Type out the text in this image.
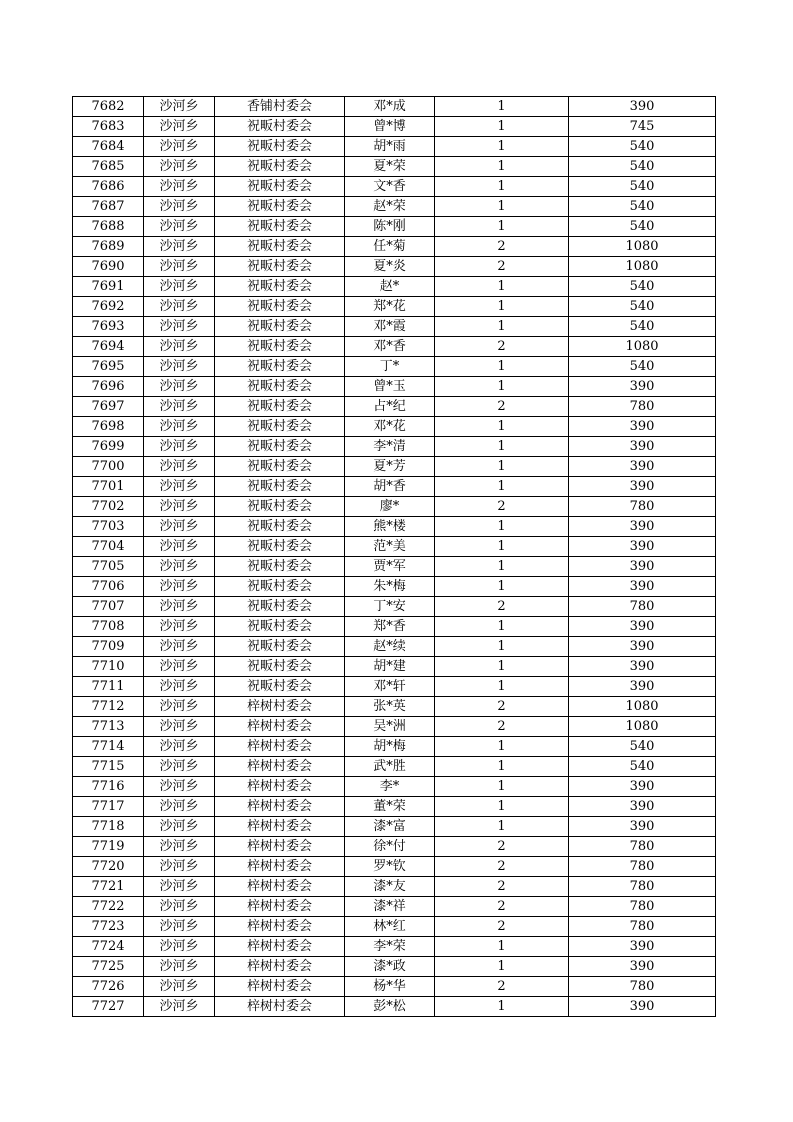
7682	沙河乡	香铺村委会	邓*成	1	390
7683	沙河乡	祝畈村委会	曾*博	1	745
7684	沙河乡	祝畈村委会	胡*雨	1	540
7685	沙河乡	祝畈村委会	夏*荣	1	540
7686	沙河乡	祝畈村委会	文*香	1	540
7687	沙河乡	祝畈村委会	赵*荣	1	540
7688	沙河乡	祝畈村委会	陈*刚	1	540
7689	沙河乡	祝畈村委会	任*菊	2	1080
7690	沙河乡	祝畈村委会	夏*炎	2	1080
7691	沙河乡	祝畈村委会	赵*	1	540
7692	沙河乡	祝畈村委会	郑*花	1	540
7693	沙河乡	祝畈村委会	邓*霞	1	540
7694	沙河乡	祝畈村委会	邓*香	2	1080
7695	沙河乡	祝畈村委会	丁*	1	540
7696	沙河乡	祝畈村委会	曾*玉	1	390
7697	沙河乡	祝畈村委会	占*纪	2	780
7698	沙河乡	祝畈村委会	邓*花	1	390
7699	沙河乡	祝畈村委会	李*清	1	390
7700	沙河乡	祝畈村委会	夏*芳	1	390
7701	沙河乡	祝畈村委会	胡*香	1	390
7702	沙河乡	祝畈村委会	廖*	2	780
7703	沙河乡	祝畈村委会	熊*楼	1	390
7704	沙河乡	祝畈村委会	范*美	1	390
7705	沙河乡	祝畈村委会	贾*军	1	390
7706	沙河乡	祝畈村委会	朱*梅	1	390
7707	沙河乡	祝畈村委会	丁*安	2	780
7708	沙河乡	祝畈村委会	郑*香	1	390
7709	沙河乡	祝畈村委会	赵*续	1	390
7710	沙河乡	祝畈村委会	胡*建	1	390
7711	沙河乡	祝畈村委会	邓*轩	1	390
7712	沙河乡	梓树村委会	张*英	2	1080
7713	沙河乡	梓树村委会	吴*洲	2	1080
7714	沙河乡	梓树村委会	胡*梅	1	540
7715	沙河乡	梓树村委会	武*胜	1	540
7716	沙河乡	梓树村委会	李*	1	390
7717	沙河乡	梓树村委会	董*荣	1	390
7718	沙河乡	梓树村委会	漆*富	1	390
7719	沙河乡	梓树村委会	徐*付	2	780
7720	沙河乡	梓树村委会	罗*钦	2	780
7721	沙河乡	梓树村委会	漆*友	2	780
7722	沙河乡	梓树村委会	漆*祥	2	780
7723	沙河乡	梓树村委会	林*红	2	780
7724	沙河乡	梓树村委会	李*荣	1	390
7725	沙河乡	梓树村委会	漆*政	1	390
7726	沙河乡	梓树村委会	杨*华	2	780
7727	沙河乡	梓树村委会	彭*松	1	390
